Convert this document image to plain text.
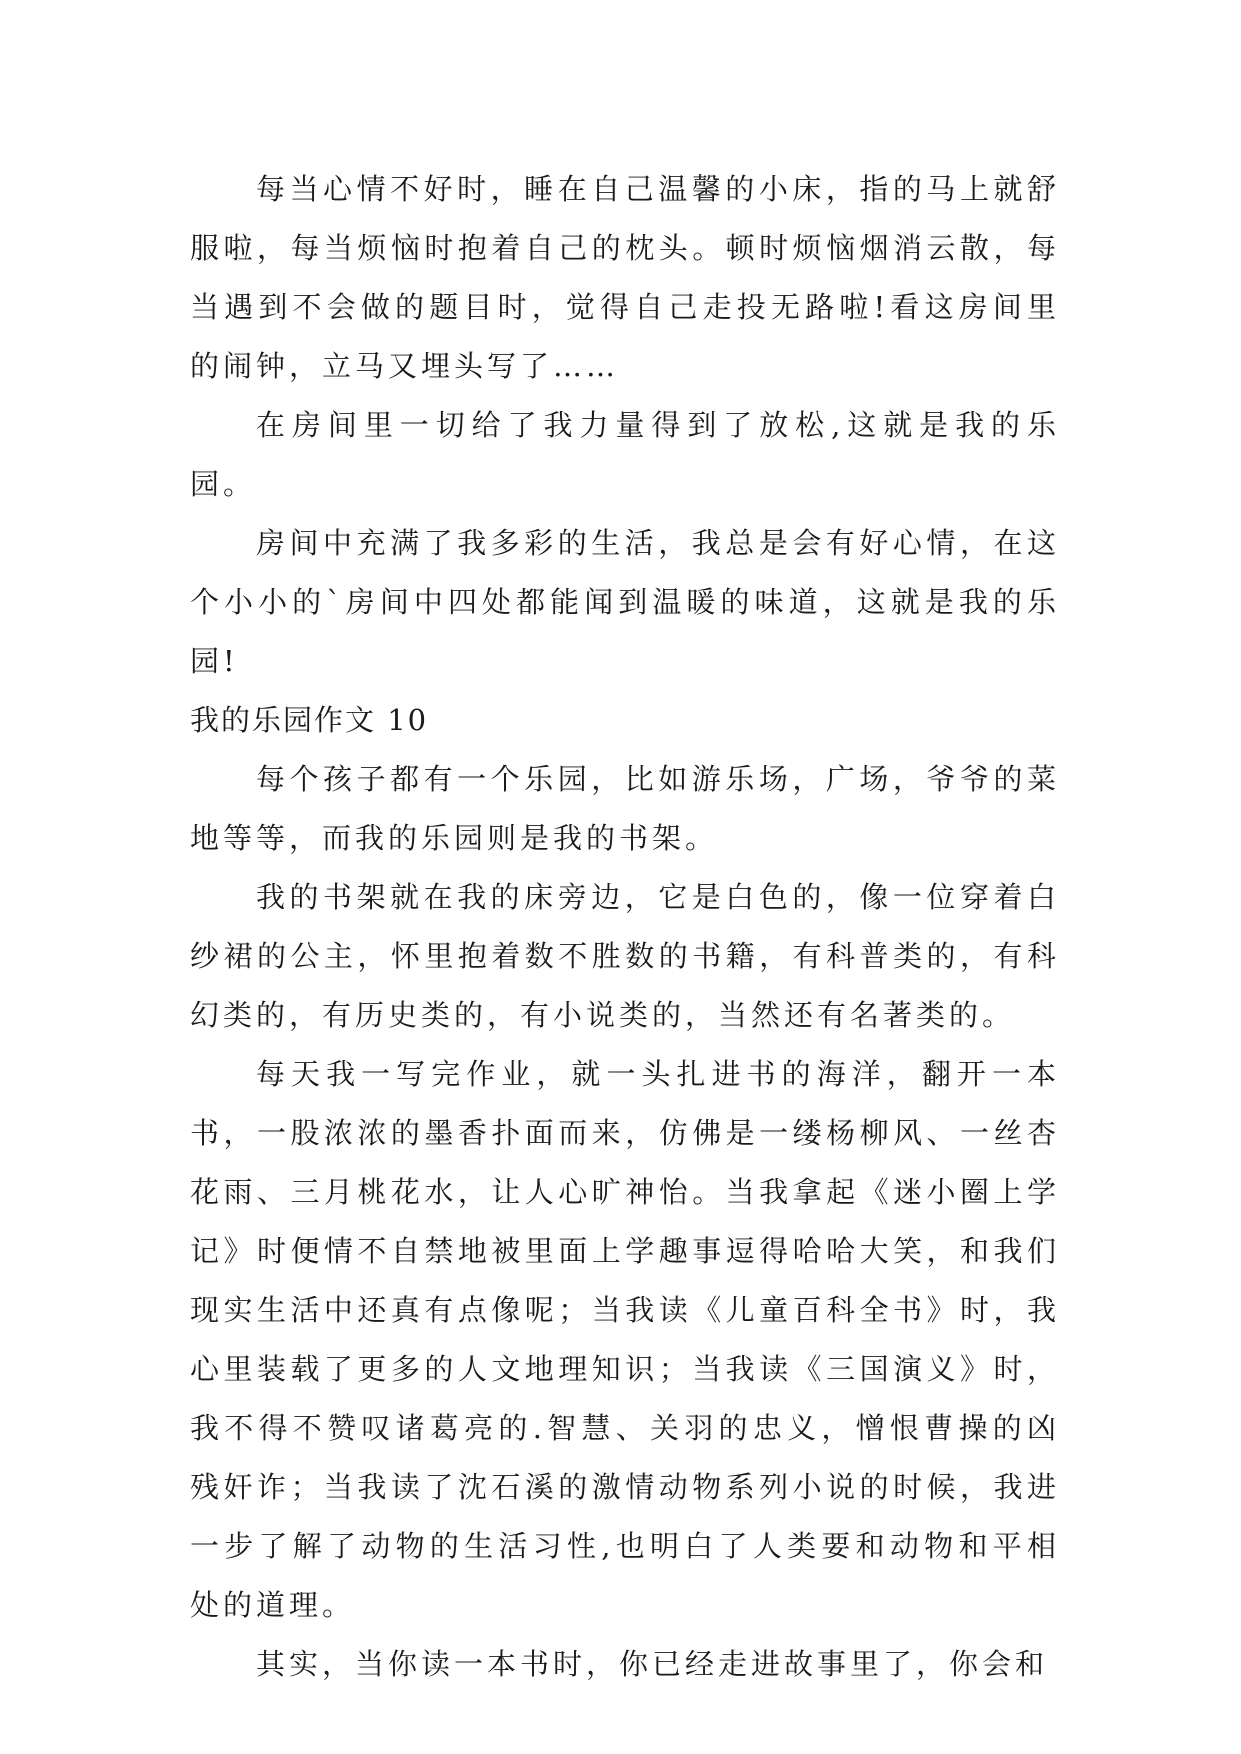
每当心情不好时，睡在自己温馨的小床，指的马上就舒服啦，每当烦恼时抱着自己的枕头。顿时烦恼烟消云散，每当遇到不会做的题目时，觉得自己走投无路啦!看这房间里的闹钟，立马又埋头写了……

在房间里一切给了我力量得到了放松,这就是我的乐园。

房间中充满了我多彩的生活，我总是会有好心情，在这个小小的`房间中四处都能闻到温暖的味道，这就是我的乐园!

我的乐园作文 10

每个孩子都有一个乐园，比如游乐场，广场，爷爷的菜地等等，而我的乐园则是我的书架。

我的书架就在我的床旁边，它是白色的，像一位穿着白纱裙的公主，怀里抱着数不胜数的书籍，有科普类的，有科幻类的，有历史类的，有小说类的，当然还有名著类的。

每天我一写完作业，就一头扎进书的海洋，翻开一本书，一股浓浓的墨香扑面而来，仿佛是一缕杨柳风、一丝杏花雨、三月桃花水，让人心旷神怡。当我拿起《迷小圈上学记》时便情不自禁地被里面上学趣事逗得哈哈大笑，和我们现实生活中还真有点像呢；当我读《儿童百科全书》时，我心里装载了更多的人文地理知识；当我读《三国演义》时，我不得不赞叹诸葛亮的.智慧、关羽的忠义，憎恨曹操的凶残奸诈；当我读了沈石溪的激情动物系列小说的时候，我进一步了解了动物的生活习性,也明白了人类要和动物和平相处的道理。

其实，当你读一本书时，你已经走进故事里了，你会和
